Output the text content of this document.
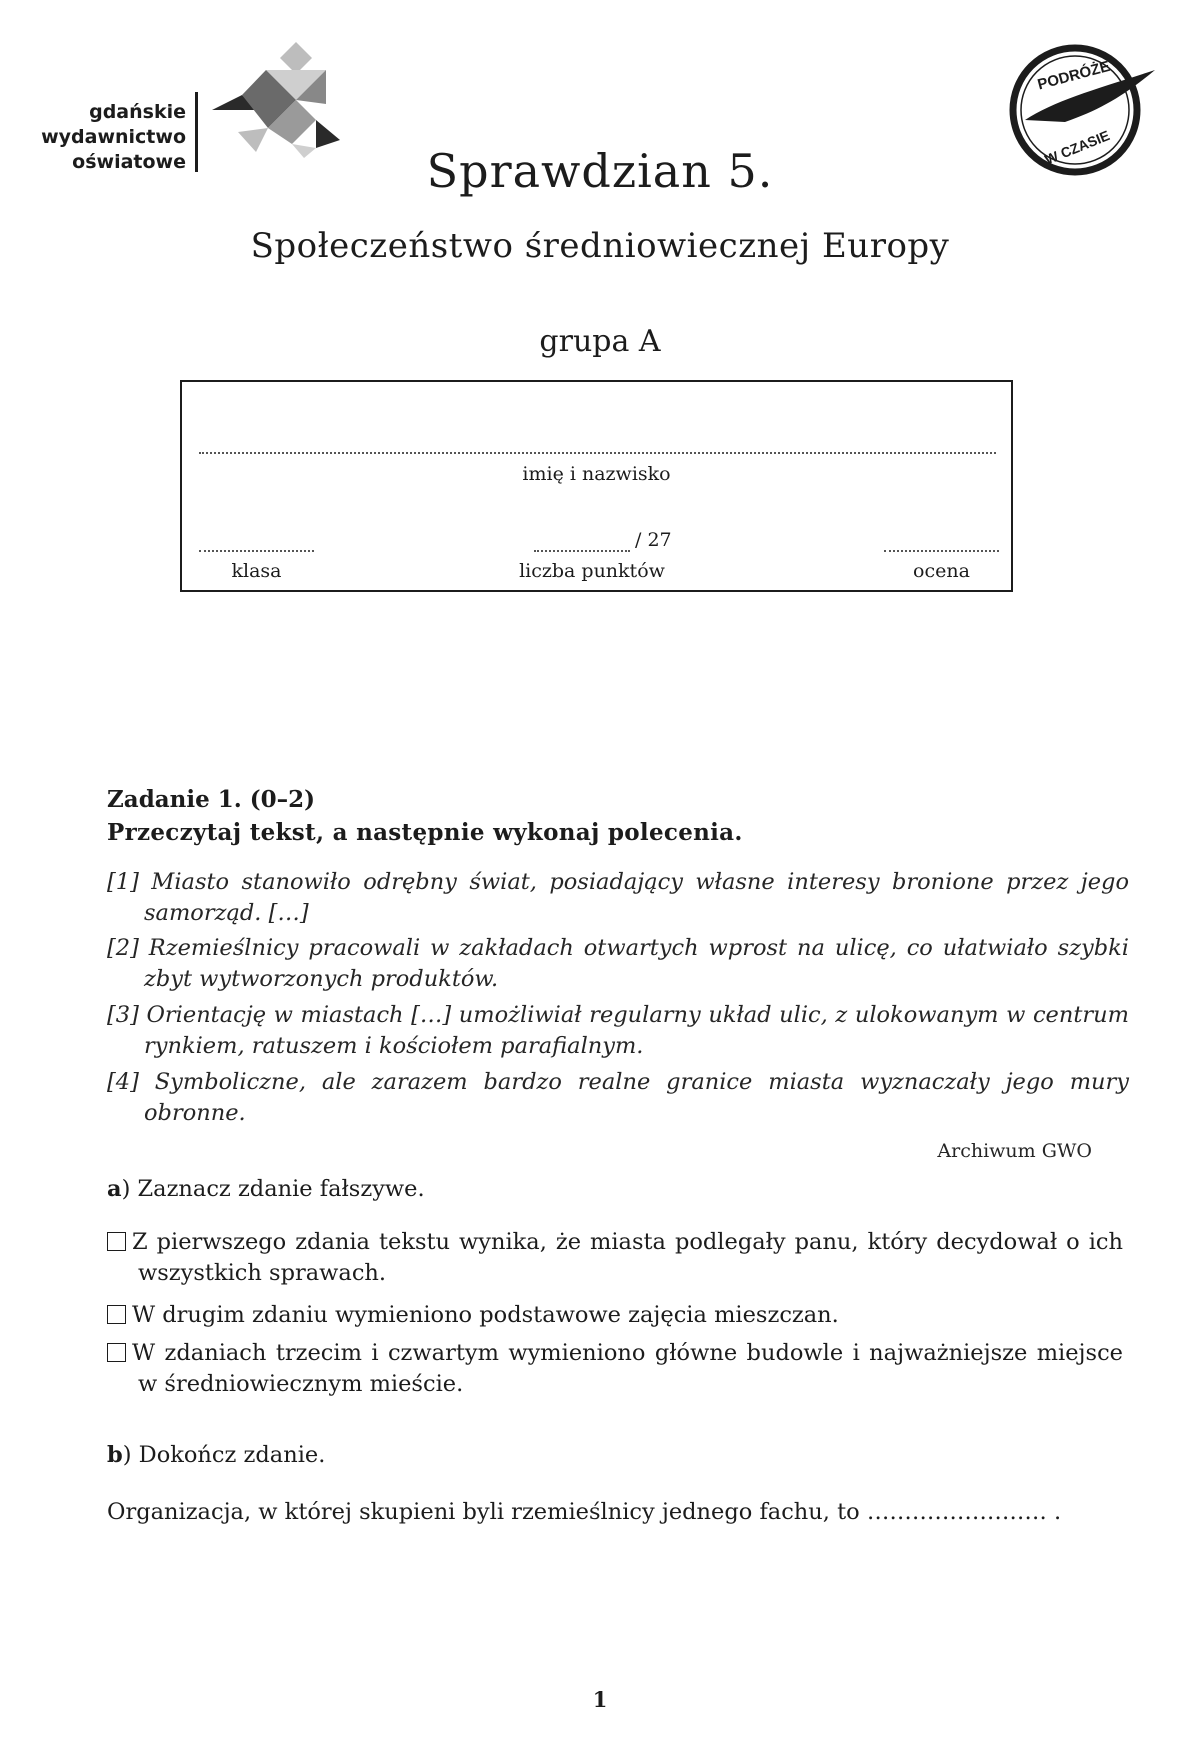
gdańskie
wydawnictwo
oświatowe
PODRÓŻE
W CZASIE
Sprawdzian 5.
Społeczeństwo średniowiecznej Europy
grupa A
imię i nazwisko
klasa
/ 27
liczba punktów	ocena
Zadanie 1. (0–2)
Przeczytaj tekst, a następnie wykonaj polecenia.
[1] Miasto stanowiło odrębny świat, posiadający własne interesy bronione przez jego samorząd. […]
[2] Rzemieślnicy pracowali w zakładach otwartych wprost na ulicę, co ułatwiało szybki zbyt wytworzonych produktów.
[3] Orientację w miastach […] umożliwiał regularny układ ulic, z ulokowanym w centrum rynkiem, ratuszem i kościołem parafialnym.
[4] Symboliczne, ale zarazem bardzo realne granice miasta wyznaczały jego mury obronne.
Archiwum GWO
a) Zaznacz zdanie fałszywe.
Z pierwszego zdania tekstu wynika, że miasta podlegały panu, który decydował o ich wszystkich sprawach.
W drugim zdaniu wymieniono podstawowe zajęcia mieszczan.
W zdaniach trzecim i czwartym wymieniono główne budowle i najważniejsze miejsce w średniowiecznym mieście.
b) Dokończ zdanie.
Organizacja, w której skupieni byli rzemieślnicy jednego fachu, to …………………… .
1
